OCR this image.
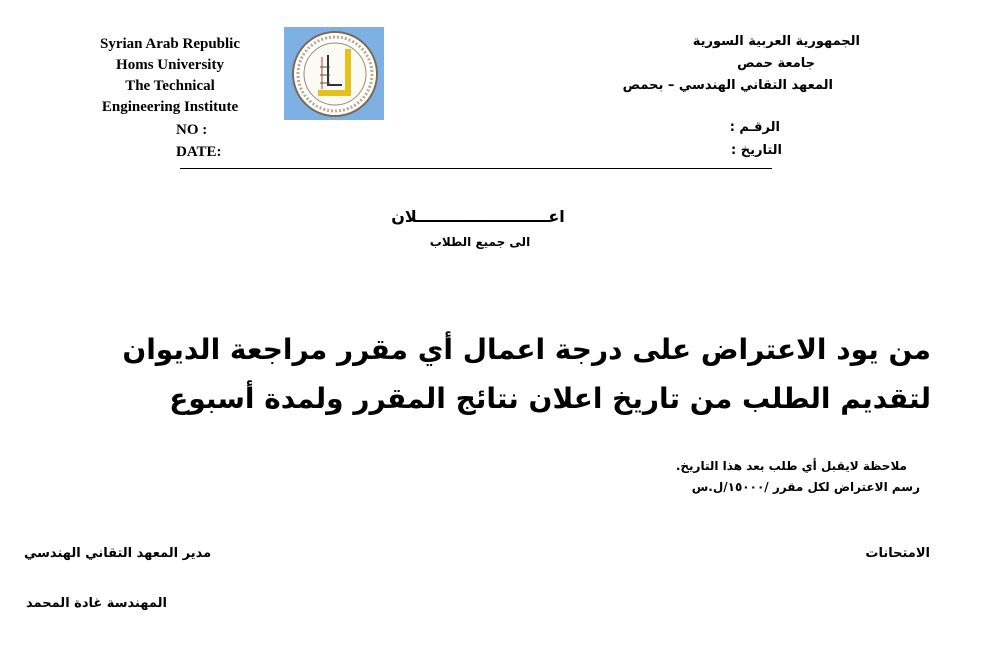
Syrian Arab Republic
Homs University
The Technical
Engineering Institute
NO :
DATE:
الجمهورية العربية السورية
جامعة حمص
المعهد التقاني الهندسي – بحمص
الرقـم :
التاريخ :
اعــــــــــــــــــــــــلان
الى جميع الطلاب
من يود الاعتراض على درجة اعمال أي مقرر مراجعة الديوان
لتقديم الطلب من تاريخ اعلان نتائج المقرر ولمدة أسبوع
ملاحظة لايقبل أي طلب بعد هذا التاريخ.
رسم الاعتراض لكل مقرر /١٥٠٠٠/ل.س
الامتحانات
مدير المعهد التقاني الهندسي
المهندسة غادة المحمد
